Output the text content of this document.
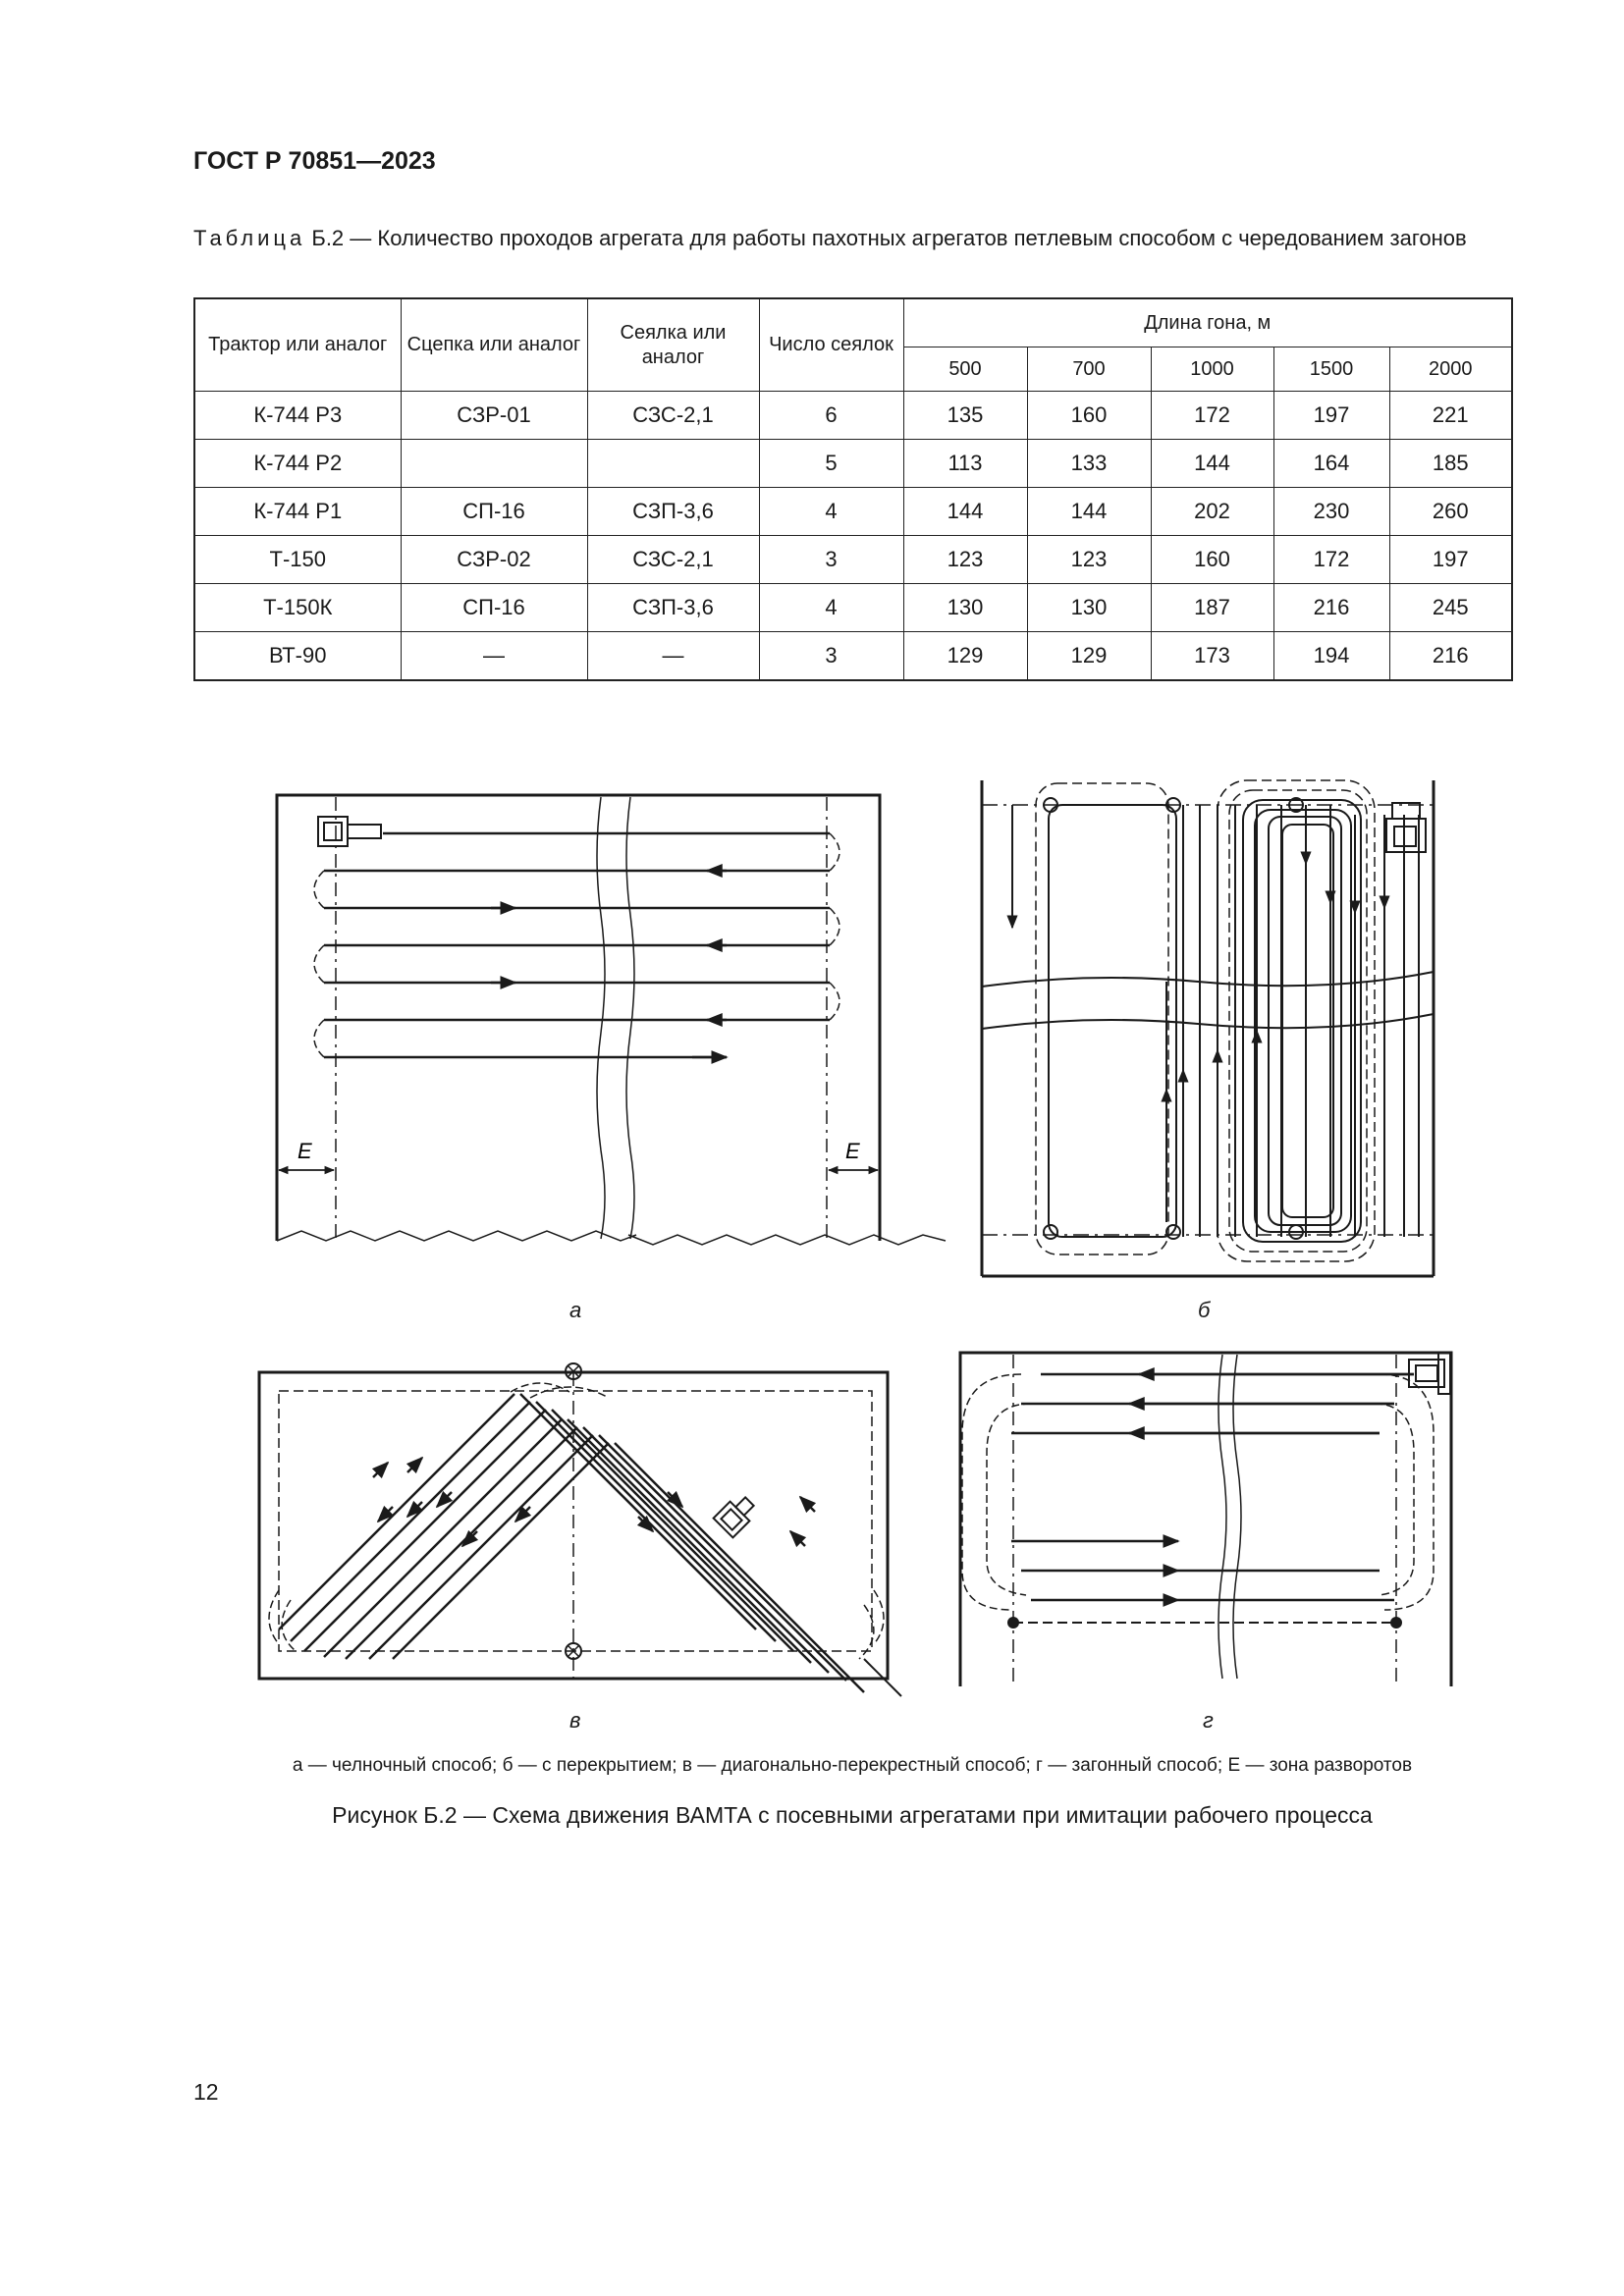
ГОСТ Р 70851—2023
Таблица Б.2 — Количество проходов агрегата для работы пахотных агрегатов петлевым способом с чередованием загонов
Трактор или аналог	Сцепка или аналог	Сеялка или аналог	Число сеялок	Длина гона, м				
				500	700	1000	1500	2000
К-744 Р3	СЗР-01	СЗС-2,1	6	135	160	172	197	221
К-744 Р2			5	113	133	144	164	185
К-744 Р1	СП-16	СЗП-3,6	4	144	144	202	230	260
Т-150	СЗР-02	СЗС-2,1	3	123	123	160	172	197
Т-150К	СП-16	СЗП-3,6	4	130	130	187	216	245
ВТ-90	—	—	3	129	129	173	194	216
E	E
а	б
в	г
а — челночный способ; б — с перекрытием; в — диагонально-перекрестный способ; г — загонный способ; Е — зона разворотов
Рисунок Б.2 — Схема движения ВАМТА с посевными агрегатами при имитации рабочего процесса
12
